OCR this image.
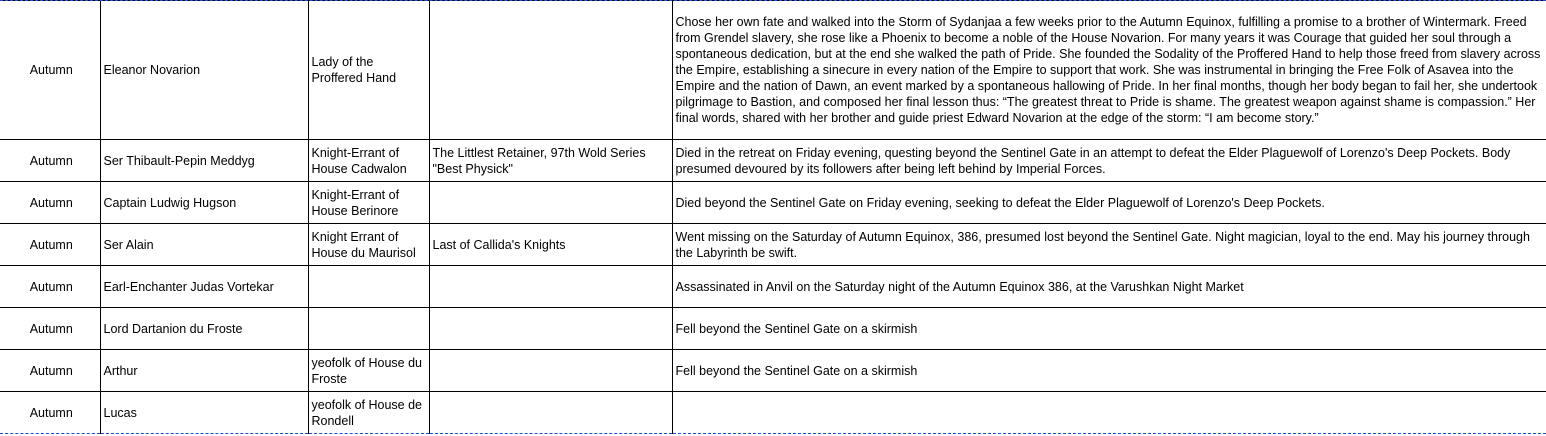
Autumn	Eleanor Novarion	Lady of the Proffered Hand		Chose her own fate and walked into the Storm of Sydanjaa a few weeks prior to the Autumn Equinox, fulfilling a promise to a brother of Wintermark. Freed from Grendel slavery, she rose like a Phoenix to become a noble of the House Novarion. For many years it was Courage that guided her soul through a spontaneous dedication, but at the end she walked the path of Pride. She founded the Sodality of the Proffered Hand to help those freed from slavery across the Empire, establishing a sinecure in every nation of the Empire to support that work. She was instrumental in bringing the Free Folk of Asavea into the Empire and the nation of Dawn, an event marked by a spontaneous hallowing of Pride. In her final months, though her body began to fail her, she undertook pilgrimage to Bastion, and composed her final lesson thus: “The greatest threat to Pride is shame. The greatest weapon against shame is compassion.” Her final words, shared with her brother and guide priest Edward Novarion at the edge of the storm: “I am become story.”
Autumn	Ser Thibault-Pepin Meddyg	Knight-Errant of House Cadwalon	The Littlest Retainer, 97th Wold Series "Best Physick"	Died in the retreat on Friday evening, questing beyond the Sentinel Gate in an attempt to defeat the Elder Plaguewolf of Lorenzo's Deep Pockets. Body presumed devoured by its followers after being left behind by Imperial Forces.
Autumn	Captain Ludwig Hugson	Knight-Errant of House Berinore		Died beyond the Sentinel Gate on Friday evening, seeking to defeat the Elder Plaguewolf of Lorenzo's Deep Pockets.
Autumn	Ser Alain	Knight Errant of House du Maurisol	Last of Callida's Knights	Went missing on the Saturday of Autumn Equinox, 386, presumed lost beyond the Sentinel Gate. Night magician, loyal to the end. May his journey through the Labyrinth be swift.
Autumn	Earl-Enchanter Judas Vortekar			Assassinated in Anvil on the Saturday night of the Autumn Equinox 386, at the Varushkan Night Market
Autumn	Lord Dartanion du Froste			Fell beyond the Sentinel Gate on a skirmish
Autumn	Arthur	yeofolk of House du Froste		Fell beyond the Sentinel Gate on a skirmish
Autumn	Lucas	yeofolk of House de Rondell		
